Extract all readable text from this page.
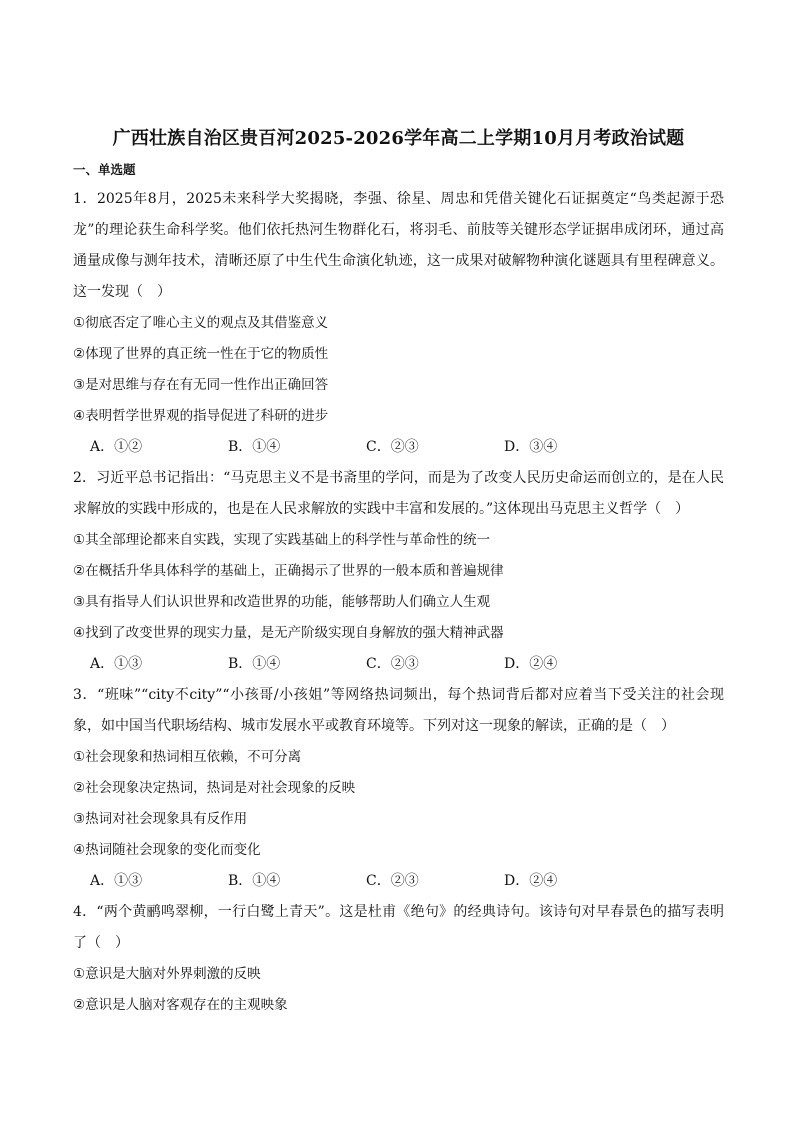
广西壮族自治区贵百河2025-2026学年高二上学期10月月考政治试题
一、单选题

1．2025年8月，2025未来科学大奖揭晓，李强、徐星、周忠和凭借关键化石证据奠定“鸟类起源于恐龙”的理论获生命科学奖。他们依托热河生物群化石，将羽毛、前肢等关键形态学证据串成闭环，通过高通量成像与测年技术，清晰还原了中生代生命演化轨迹，这一成果对破解物种演化谜题具有里程碑意义。这一发现（　）

①彻底否定了唯心主义的观点及其借鉴意义

②体现了世界的真正统一性在于它的物质性

③是对思维与存在有无同一性作出正确回答

④表明哲学世界观的指导促进了科研的进步

A．①②	B．①④	C．②③	D．③④

2．习近平总书记指出：“马克思主义不是书斋里的学问，而是为了改变人民历史命运而创立的，是在人民求解放的实践中形成的，也是在人民求解放的实践中丰富和发展的。”这体现出马克思主义哲学（　）

①其全部理论都来自实践，实现了实践基础上的科学性与革命性的统一

②在概括升华具体科学的基础上，正确揭示了世界的一般本质和普遍规律

③具有指导人们认识世界和改造世界的功能，能够帮助人们确立人生观

④找到了改变世界的现实力量，是无产阶级实现自身解放的强大精神武器

A．①③	B．①④	C．②③	D．②④

3．“班味”“city不city”“小孩哥/小孩姐”等网络热词频出，每个热词背后都对应着当下受关注的社会现象，如中国当代职场结构、城市发展水平或教育环境等。下列对这一现象的解读，正确的是（　）

①社会现象和热词相互依赖，不可分离

②社会现象决定热词，热词是对社会现象的反映

③热词对社会现象具有反作用

④热词随社会现象的变化而变化

A．①③	B．①④	C．②③	D．②④

4．“两个黄鹂鸣翠柳，一行白鹭上青天”。这是杜甫《绝句》的经典诗句。该诗句对早春景色的描写表明了（　）

①意识是大脑对外界刺激的反映

②意识是人脑对客观存在的主观映象
